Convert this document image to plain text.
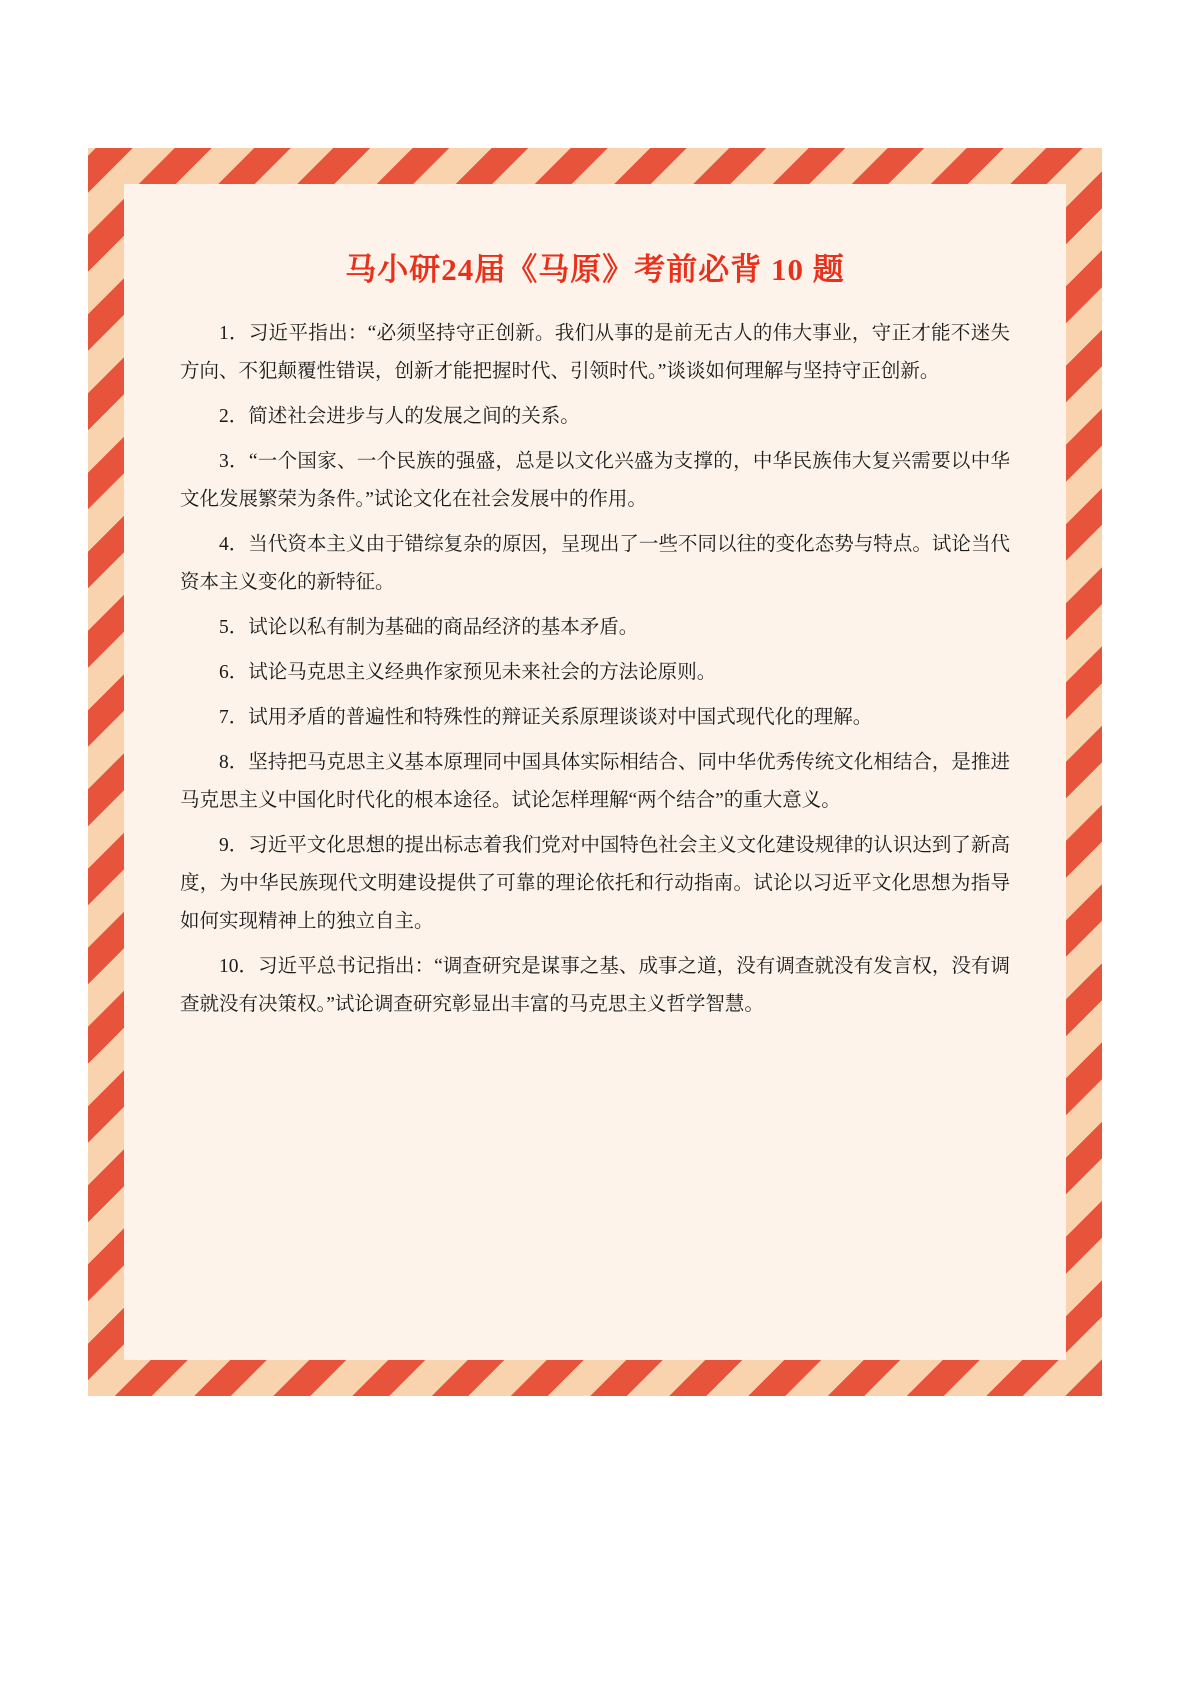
马小研24届《马原》考前必背 10 题

1．习近平指出：“必须坚持守正创新。我们从事的是前无古人的伟大事业，守正才能不迷失方向、不犯颠覆性错误，创新才能把握时代、引领时代。”谈谈如何理解与坚持守正创新。

2．简述社会进步与人的发展之间的关系。

3．“一个国家、一个民族的强盛，总是以文化兴盛为支撑的，中华民族伟大复兴需要以中华文化发展繁荣为条件。”试论文化在社会发展中的作用。

4．当代资本主义由于错综复杂的原因，呈现出了一些不同以往的变化态势与特点。试论当代资本主义变化的新特征。

5．试论以私有制为基础的商品经济的基本矛盾。

6．试论马克思主义经典作家预见未来社会的方法论原则。

7．试用矛盾的普遍性和特殊性的辩证关系原理谈谈对中国式现代化的理解。

8．坚持把马克思主义基本原理同中国具体实际相结合、同中华优秀传统文化相结合，是推进马克思主义中国化时代化的根本途径。试论怎样理解“两个结合”的重大意义。

9．习近平文化思想的提出标志着我们党对中国特色社会主义文化建设规律的认识达到了新高度，为中华民族现代文明建设提供了可靠的理论依托和行动指南。试论以习近平文化思想为指导如何实现精神上的独立自主。

10．习近平总书记指出：“调查研究是谋事之基、成事之道，没有调查就没有发言权，没有调查就没有决策权。”试论调查研究彰显出丰富的马克思主义哲学智慧。
